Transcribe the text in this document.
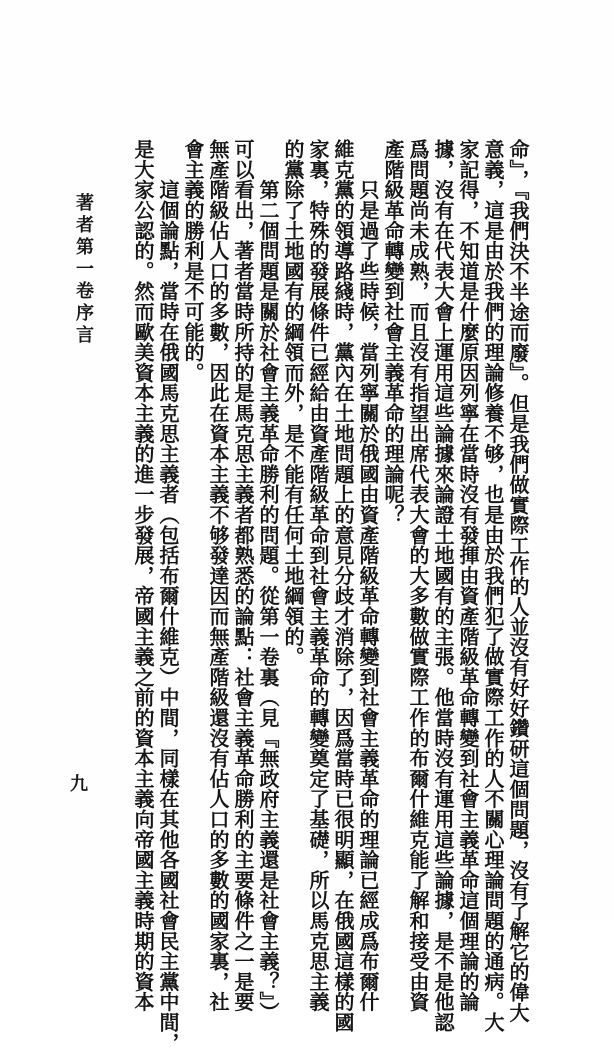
命』，『我們決不半途而廢』。但是我們做實際工作的人並沒有好好鑽研這個問題，沒有了解它的偉大
意義，這是由於我們的理論修養不够，也是由於我們犯了做實際工作的人不關心理論問題的通病。大
家記得，不知道是什麼原因列寧在當時沒有發揮由資產階級革命轉變到社會主義革命這個理論的論
據，沒有在代表大會上運用這些論據來論證土地國有的主張。他當時沒有運用這些論據，是不是他認
爲問題尚未成熟，而且沒有指望出席代表大會的大多數做實際工作的布爾什維克能了解和接受由資
產階級革命轉變到社會主義革命的理論呢？
　　只是過了些時候，當列寧關於俄國由資產階級革命轉變到社會主義革命的理論已經成爲布爾什
維克黨的領導路綫時，黨內在土地問題上的意見分歧才消除了，因爲當時已很明顯，在俄國這樣的國
家裏，特殊的發展條件已經給由資產階級革命到社會主義革命的轉變奠定了基礎，所以馬克思主義
的黨除了土地國有的綱領而外，是不能有任何土地綱領的。
　　第二個問題是關於社會主義革命勝利的問題。從第一卷裏（見『無政府主義還是社會主義？』）
可以看出，著者當時所持的是馬克思主義者都熟悉的論點：社會主義革命勝利的主要條件之一是要
無產階級佔人口的多數，因此在資本主義不够發達因而無產階級還沒有佔人口的多數的國家裏，社
會主義的勝利是不可能的。
　　這個論點，當時在俄國馬克思主義者（包括布爾什維克）中間，同樣在其他各國社會民主黨中間，
是大家公認的。然而歐美資本主義的進一步發展，帝國主義之前的資本主義向帝國主義時期的資本
著者第一卷序言
九
